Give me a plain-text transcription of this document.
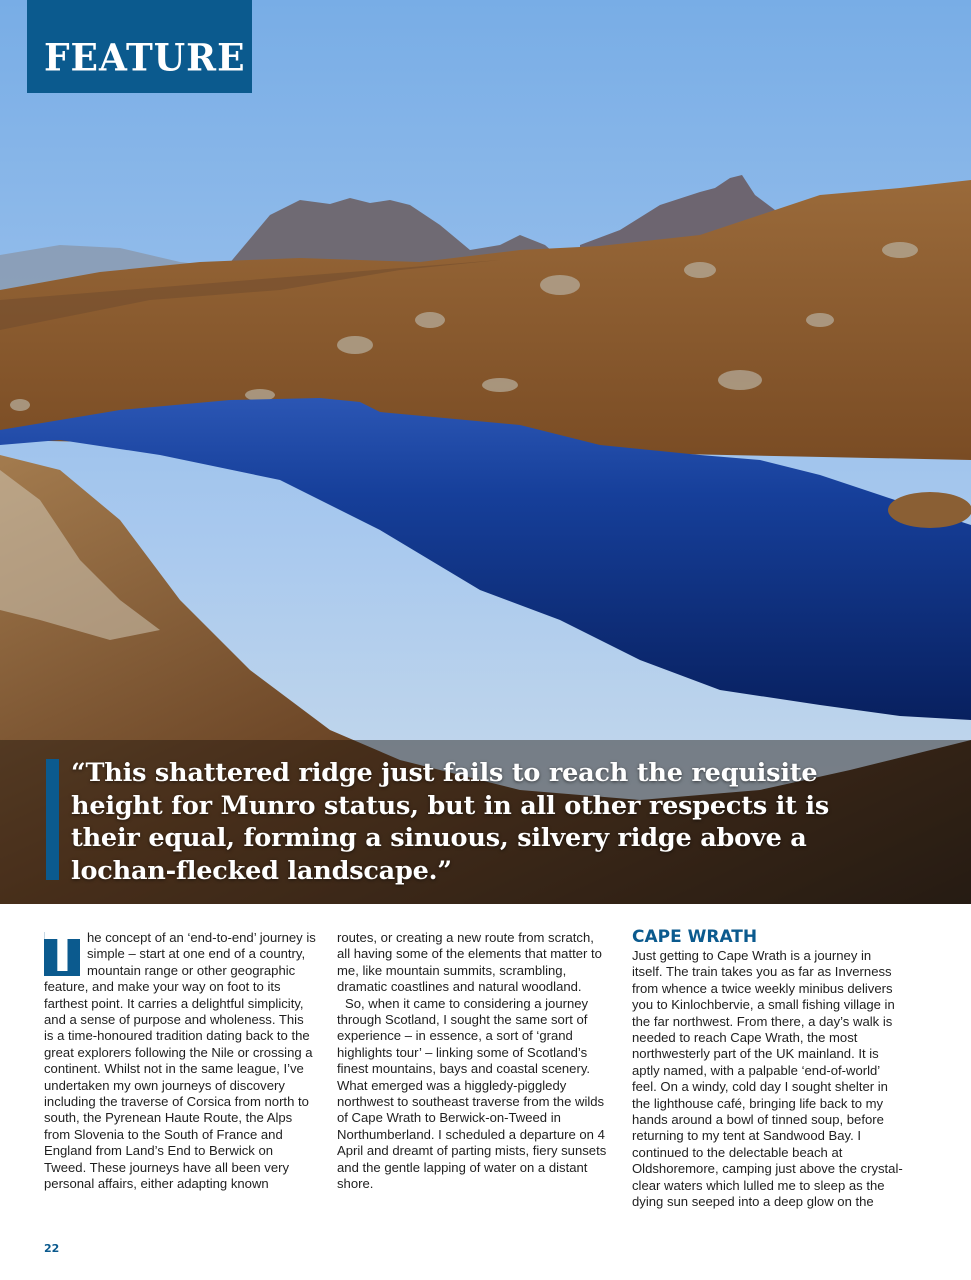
FEATURE

“This shattered ridge just fails to reach the requisite height for Munro status, but in all other respects it is their equal, forming a sinuous, silvery ridge above a lochan-flecked landscape.”

T he concept of an ‘end-to-end’ journey is simple – start at one end of a country, mountain range or other geographic feature, and make your way on foot to its farthest point. It carries a delightful simplicity, and a sense of purpose and wholeness. This is a time-honoured tradition dating back to the great explorers following the Nile or crossing a continent. Whilst not in the same league, I’ve undertaken my own journeys of discovery including the traverse of Corsica from north to south, the Pyrenean Haute Route, the Alps from Slovenia to the South of France and England from Land’s End to Berwick on Tweed. These journeys have all been very personal affairs, either adapting known

routes, or creating a new route from scratch, all having some of the elements that matter to me, like mountain summits, scrambling, dramatic coastlines and natural woodland.

So, when it came to considering a journey through Scotland, I sought the same sort of experience – in essence, a sort of ‘grand highlights tour’ – linking some of Scotland’s finest mountains, bays and coastal scenery. What emerged was a higgledy-piggledy northwest to southeast traverse from the wilds of Cape Wrath to Berwick-on-Tweed in Northumberland. I scheduled a departure on 4 April and dreamt of parting mists, fiery sunsets and the gentle lapping of water on a distant shore.

CAPE WRATH

Just getting to Cape Wrath is a journey in itself. The train takes you as far as Inverness from whence a twice weekly minibus delivers you to Kinlochbervie, a small fishing village in the far northwest. From there, a day’s walk is needed to reach Cape Wrath, the most northwesterly part of the UK mainland. It is aptly named, with a palpable ‘end-of-world’ feel. On a windy, cold day I sought shelter in the lighthouse café, bringing life back to my hands around a bowl of tinned soup, before returning to my tent at Sandwood Bay. I continued to the delectable beach at Oldshoremore, camping just above the crystal-clear waters which lulled me to sleep as the dying sun seeped into a deep glow on the

22
